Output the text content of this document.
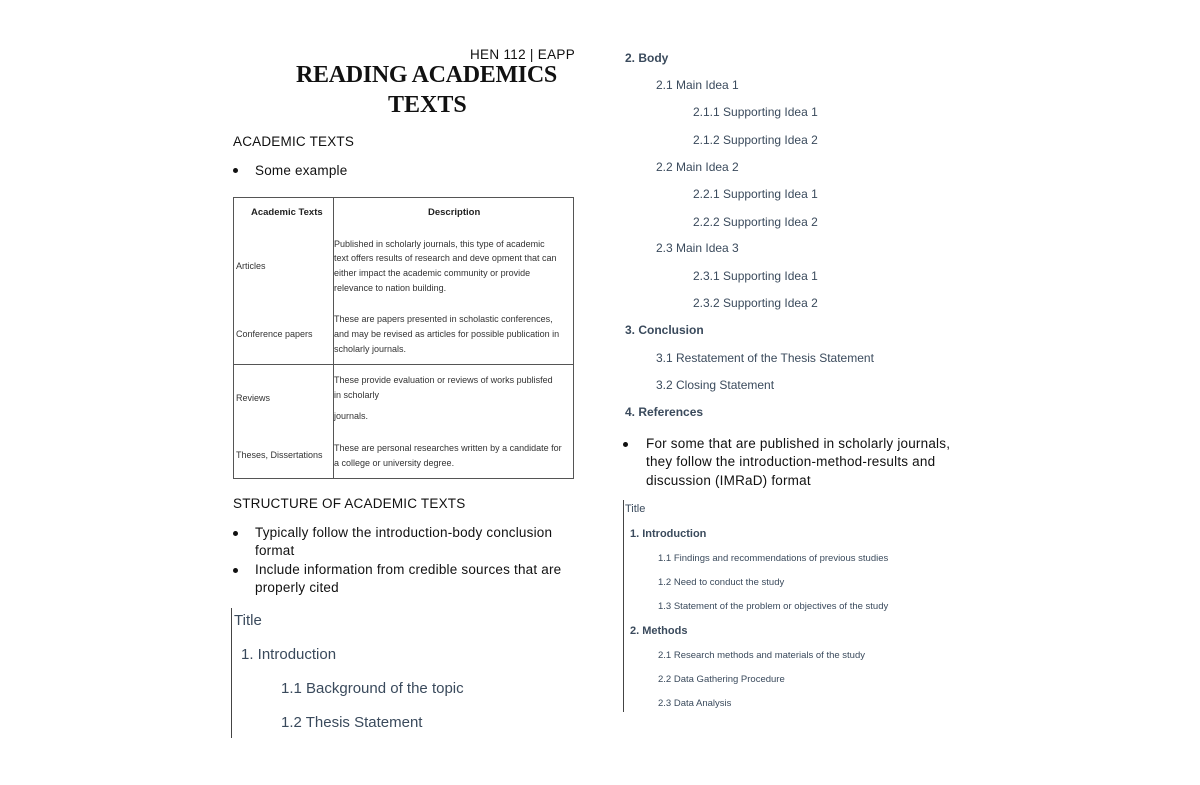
HEN 112 | EAPP
READING ACADEMICS
TEXTS
ACADEMIC TEXTS
Some example
Academic Texts	Description
Articles
Published in scholarly journals, this type of academic
text offers results of research and deve opment that can
either impact the academic community or provide
relevance to nation building.
Conference papers
These are papers presented in scholastic conferences,
and may be revised as articles for possible publication in
scholarly journals.
Reviews
These provide evaluation or reviews of works publisfed
in scholarly
journals.
Theses, Dissertations
These are personal researches written by a candidate for
a college or university degree.
STRUCTURE OF ACADEMIC TEXTS
Typically follow the introduction-body conclusion
format
Include information from credible sources that are
properly cited
Title
1. Introduction
1.1 Background of the topic
1.2 Thesis Statement
2. Body
2.1 Main Idea 1
2.1.1 Supporting Idea 1
2.1.2 Supporting Idea 2
2.2 Main Idea 2
2.2.1 Supporting Idea 1
2.2.2 Supporting Idea 2
2.3 Main Idea 3
2.3.1 Supporting Idea 1
2.3.2 Supporting Idea 2
3. Conclusion
3.1 Restatement of the Thesis Statement
3.2 Closing Statement
4. References
For some that are published in scholarly journals,
they follow the introduction-method-results and
discussion (IMRaD) format
Title
1. Introduction
1.1 Findings and recommendations of previous studies
1.2 Need to conduct the study
1.3 Statement of the problem or objectives of the study
2. Methods
2.1 Research methods and materials of the study
2.2 Data Gathering Procedure
2.3 Data Analysis
